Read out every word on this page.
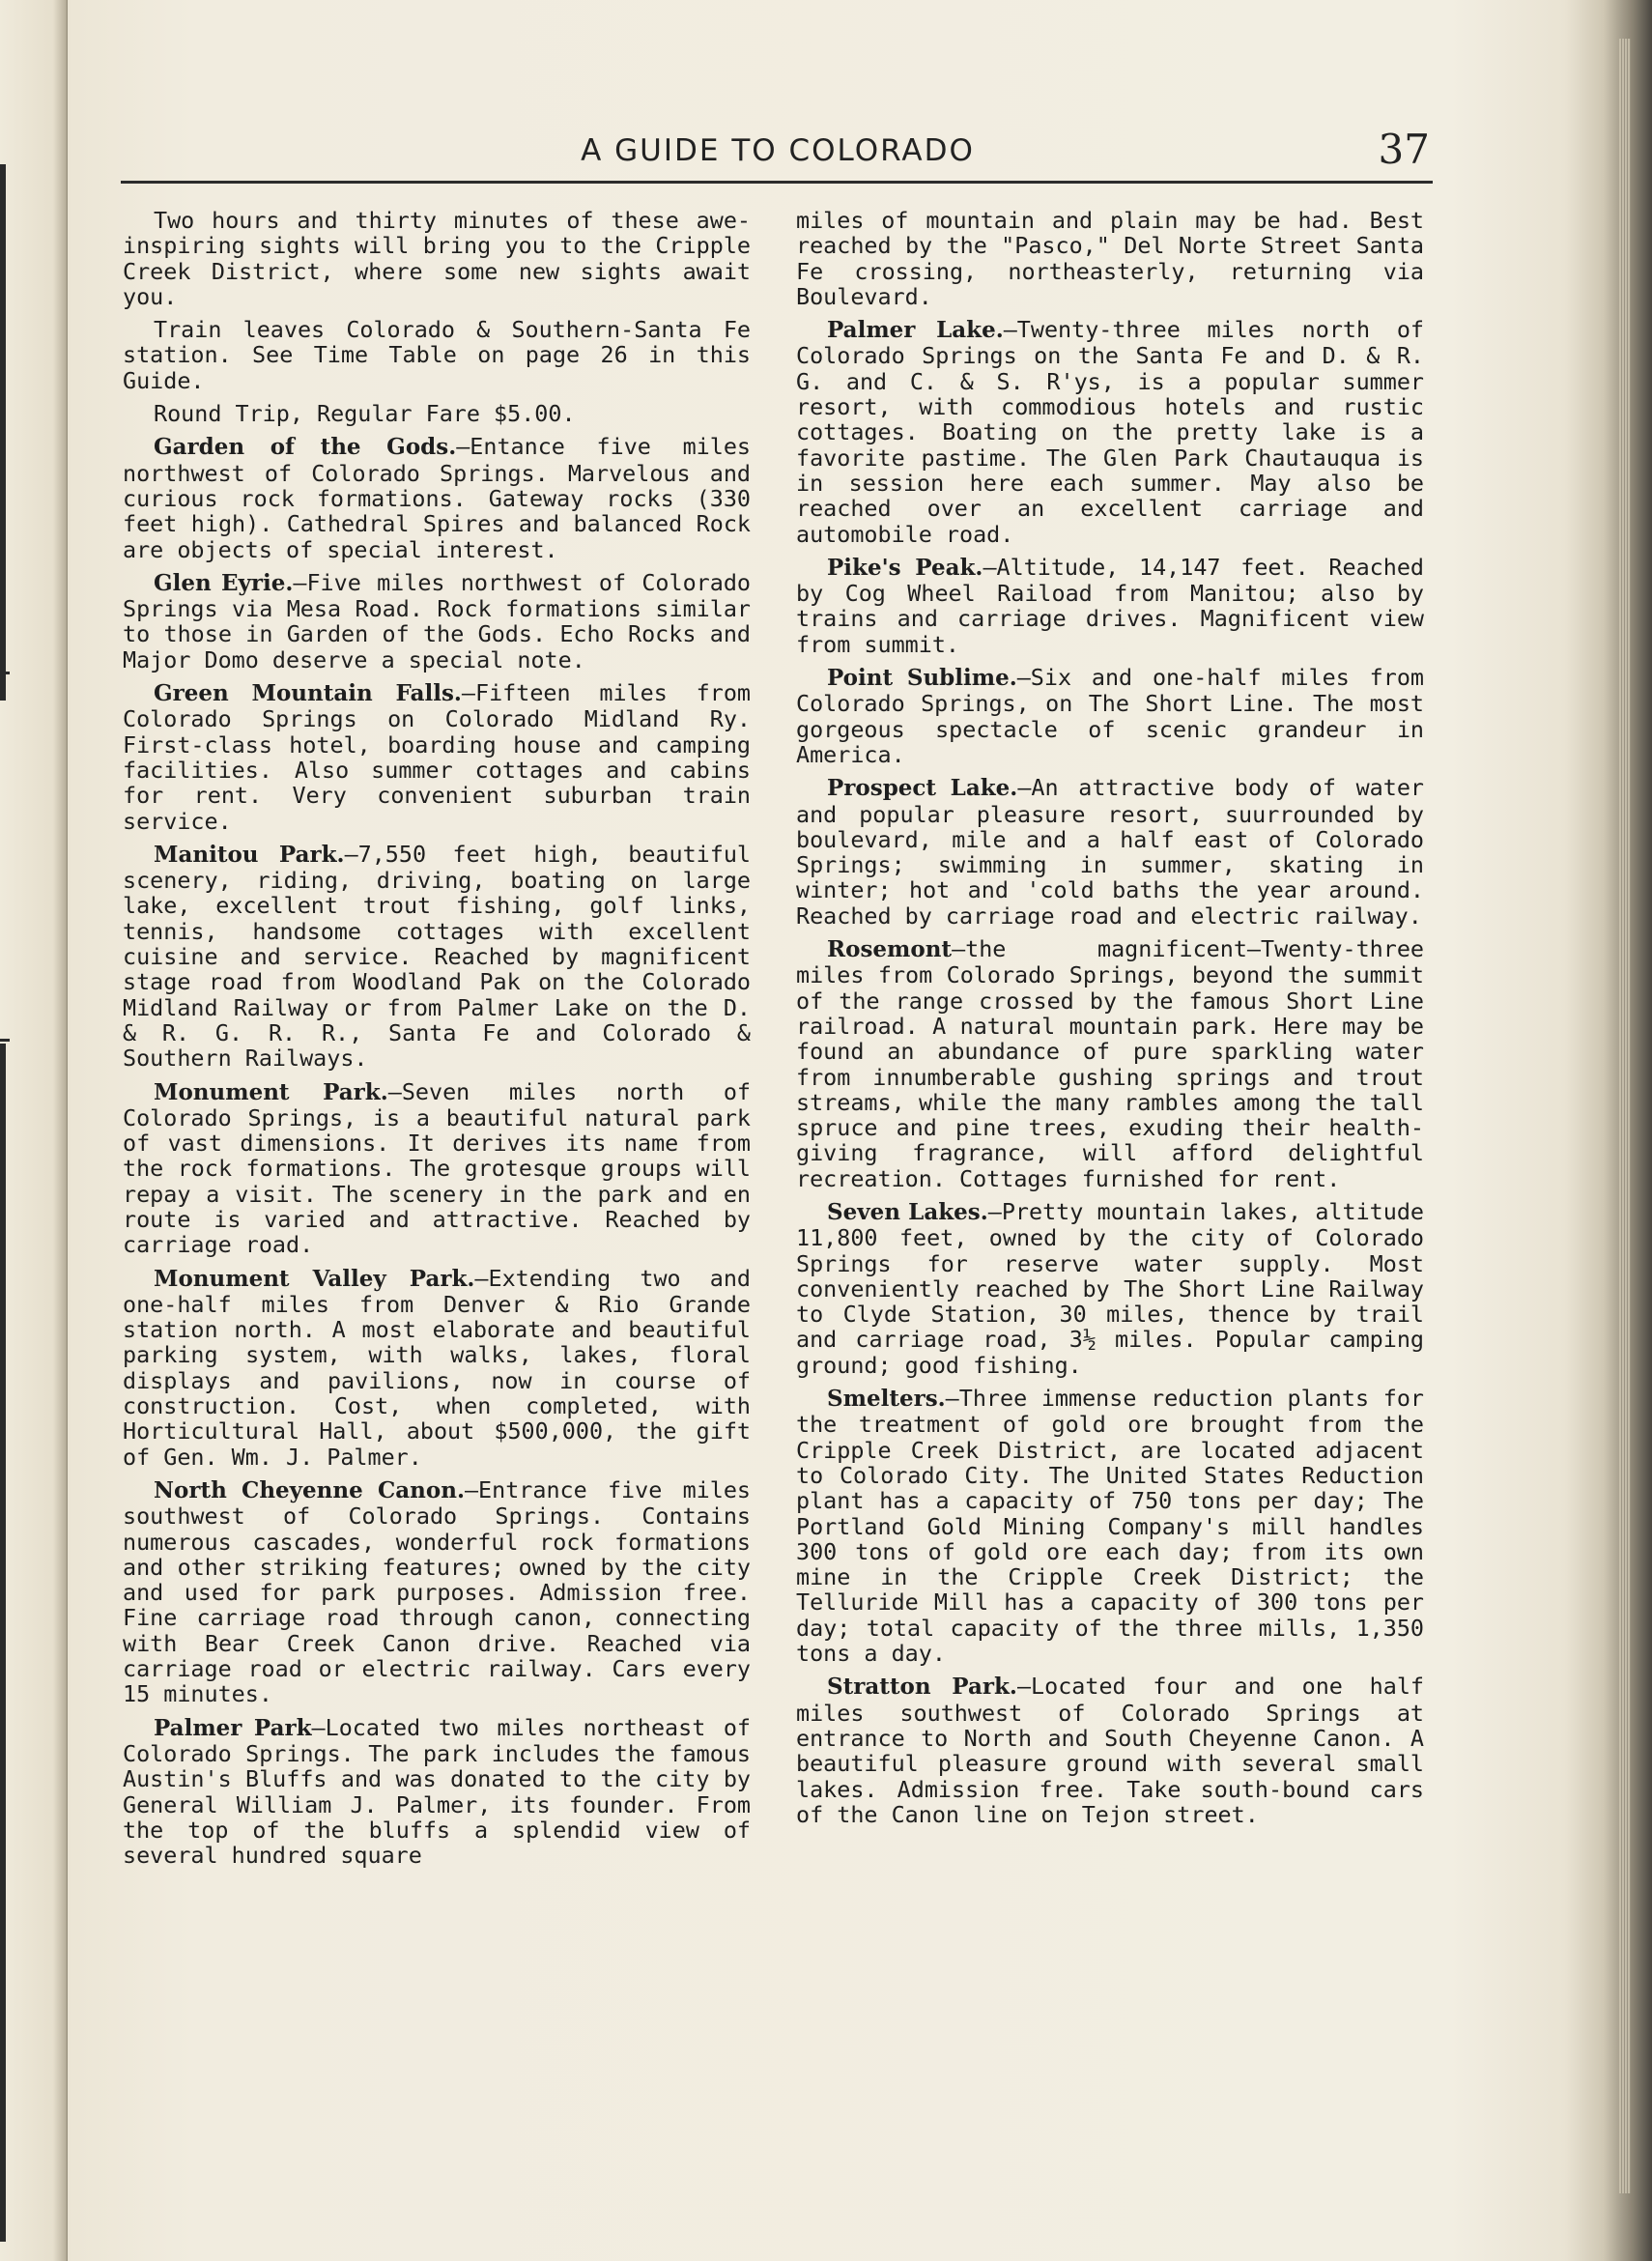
A GUIDE TO COLORADO	37

Two hours and thirty minutes of these awe-inspiring sights will bring you to the Cripple Creek District, where some new sights await you.

Train leaves Colorado & Southern-Santa Fe station. See Time Table on page 26 in this Guide.

Round Trip, Regular Fare $5.00.

Garden of the Gods.—Entance five miles northwest of Colorado Springs. Marvelous and curious rock formations. Gateway rocks (330 feet high). Cathedral Spires and balanced Rock are objects of special interest.

Glen Eyrie.—Five miles northwest of Colorado Springs via Mesa Road. Rock formations similar to those in Garden of the Gods. Echo Rocks and Major Domo deserve a special note.

Green Mountain Falls.—Fifteen miles from Colorado Springs on Colorado Midland Ry. First-class hotel, boarding house and camping facilities. Also summer cottages and cabins for rent. Very convenient suburban train service.

Manitou Park.—7,550 feet high, beautiful scenery, riding, driving, boating on large lake, excellent trout fishing, golf links, tennis, handsome cottages with excellent cuisine and service. Reached by magnificent stage road from Woodland Pak on the Colorado Midland Railway or from Palmer Lake on the D. & R. G. R. R., Santa Fe and Colorado & Southern Railways.

Monument Park.—Seven miles north of Colorado Springs, is a beautiful natural park of vast dimensions. It derives its name from the rock formations. The grotesque groups will repay a visit. The scenery in the park and en route is varied and attractive. Reached by carriage road.

Monument Valley Park.—Extending two and one-half miles from Denver & Rio Grande station north. A most elaborate and beautiful parking system, with walks, lakes, floral displays and pavilions, now in course of construction. Cost, when completed, with Horticultural Hall, about $500,000, the gift of Gen. Wm. J. Palmer.

North Cheyenne Canon.—Entrance five miles southwest of Colorado Springs. Contains numerous cascades, wonderful rock formations and other striking features; owned by the city and used for park purposes. Admission free. Fine carriage road through canon, connecting with Bear Creek Canon drive. Reached via carriage road or electric railway. Cars every 15 minutes.

Palmer Park—Located two miles northeast of Colorado Springs. The park includes the famous Austin's Bluffs and was donated to the city by General William J. Palmer, its founder. From the top of the bluffs a splendid view of several hundred square

miles of mountain and plain may be had. Best reached by the "Pasco," Del Norte Street Santa Fe crossing, northeasterly, returning via Boulevard.

Palmer Lake.—Twenty-three miles north of Colorado Springs on the Santa Fe and D. & R. G. and C. & S. R'ys, is a popular summer resort, with commodious hotels and rustic cottages. Boating on the pretty lake is a favorite pastime. The Glen Park Chautauqua is in session here each summer. May also be reached over an excellent carriage and automobile road.

Pike's Peak.—Altitude, 14,147 feet. Reached by Cog Wheel Raiload from Manitou; also by trains and carriage drives. Magnificent view from summit.

Point Sublime.—Six and one-half miles from Colorado Springs, on The Short Line. The most gorgeous spectacle of scenic grandeur in America.

Prospect Lake.—An attractive body of water and popular pleasure resort, suurrounded by boulevard, mile and a half east of Colorado Springs; swimming in summer, skating in winter; hot and 'cold baths the year around. Reached by carriage road and electric railway.

Rosemont—the magnificent—Twenty-three miles from Colorado Springs, beyond the summit of the range crossed by the famous Short Line railroad. A natural mountain park. Here may be found an abundance of pure sparkling water from innumberable gushing springs and trout streams, while the many rambles among the tall spruce and pine trees, exuding their health-giving fragrance, will afford delightful recreation. Cottages furnished for rent.

Seven Lakes.—Pretty mountain lakes, altitude 11,800 feet, owned by the city of Colorado Springs for reserve water supply. Most conveniently reached by The Short Line Railway to Clyde Station, 30 miles, thence by trail and carriage road, 3½ miles. Popular camping ground; good fishing.

Smelters.—Three immense reduction plants for the treatment of gold ore brought from the Cripple Creek District, are located adjacent to Colorado City. The United States Reduction plant has a capacity of 750 tons per day; The Portland Gold Mining Company's mill handles 300 tons of gold ore each day; from its own mine in the Cripple Creek District; the Telluride Mill has a capacity of 300 tons per day; total capacity of the three mills, 1,350 tons a day.

Stratton Park.—Located four and one half miles southwest of Colorado Springs at entrance to North and South Cheyenne Canon. A beautiful pleasure ground with several small lakes. Admission free. Take south-bound cars of the Canon line on Tejon street.
